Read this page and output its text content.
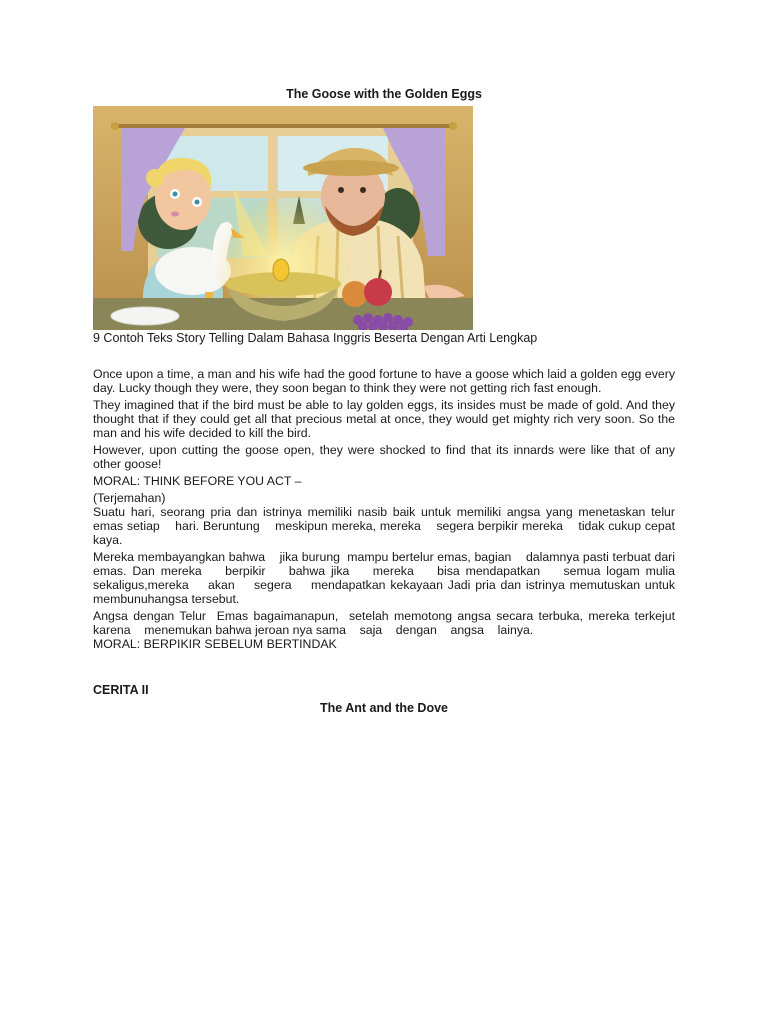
The Goose with the Golden Eggs
9 Contoh Teks Story Telling Dalam Bahasa Inggris Beserta Dengan Arti Lengkap

Once upon a time, a man and his wife had the good fortune to have a goose which laid a golden egg every day. Lucky though they were, they soon began to think they were not getting rich fast enough.

They imagined that if the bird must be able to lay golden eggs, its insides must be made of gold. And they thought that if they could get all that precious metal at once, they would get mighty rich very soon. So the man and his wife decided to kill the bird.

However, upon cutting the goose open, they were shocked to find that its innards were like that of any other goose!

MORAL: THINK BEFORE YOU ACT –

(Terjemahan)

Suatu hari, seorang pria dan istrinya memiliki nasib baik untuk memiliki angsa yang menetaskan telur emas setiap    hari. Beruntung    meskipun mereka, mereka    segera berpikir mereka    tidak cukup cepat kaya.

Mereka membayangkan bahwa    jika burung  mampu bertelur emas, bagian    dalamnya pasti terbuat dari    emas. Dan mereka    berpikir    bahwa jika    mereka    bisa mendapatkan    semua logam mulia sekaligus,mereka    akan    segera    mendapatkan kekayaan Jadi pria dan istrinya memutuskan untuk membunuhangsa tersebut.

Angsa dengan Telur  Emas bagaimanapun,  setelah memotong angsa secara terbuka, mereka terkejut karena    menemukan bahwa jeroan nya sama    saja    dengan    angsa    lainya.

MORAL: BERPIKIR SEBELUM BERTINDAK

CERITA II
The Ant and the Dove
